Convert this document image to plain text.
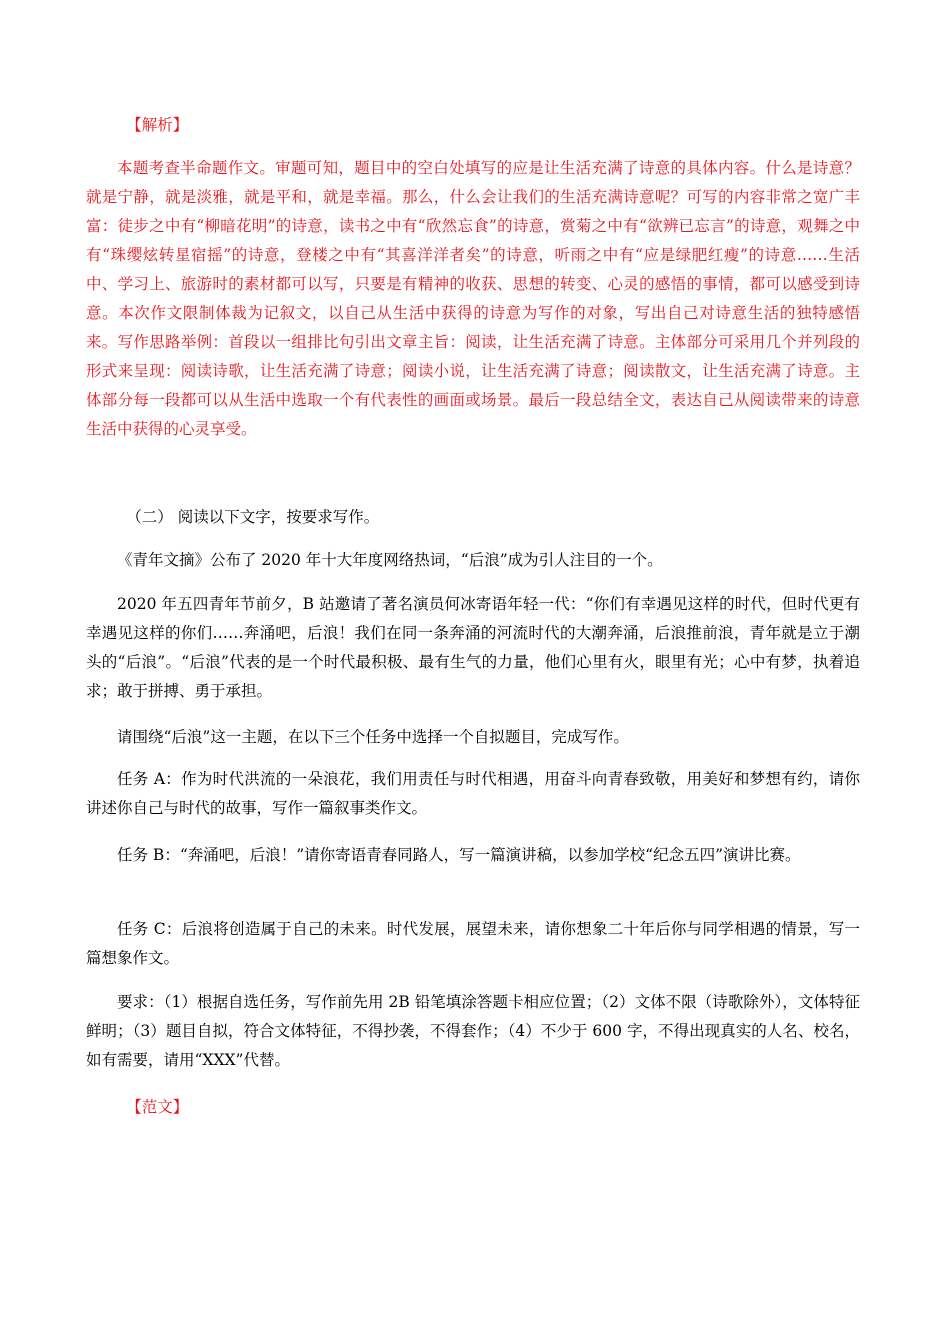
【解析】

本题考查半命题作文。审题可知，题目中的空白处填写的应是让生活充满了诗意的具体内容。什么是诗意？就是宁静，就是淡雅，就是平和，就是幸福。那么，什么会让我们的生活充满诗意呢？可写的内容非常之宽广丰富：徒步之中有“柳暗花明”的诗意，读书之中有“欣然忘食”的诗意，赏菊之中有“欲辨已忘言”的诗意，观舞之中有“珠缨炫转星宿摇”的诗意，登楼之中有“其喜洋洋者矣”的诗意，听雨之中有“应是绿肥红瘦”的诗意……生活中、学习上、旅游时的素材都可以写，只要是有精神的收获、思想的转变、心灵的感悟的事情，都可以感受到诗意。本次作文限制体裁为记叙文，以自己从生活中获得的诗意为写作的对象，写出自己对诗意生活的独特感悟来。写作思路举例：首段以一组排比句引出文章主旨：阅读，让生活充满了诗意。主体部分可采用几个并列段的形式来呈现：阅读诗歌，让生活充满了诗意；阅读小说，让生活充满了诗意；阅读散文，让生活充满了诗意。主体部分每一段都可以从生活中选取一个有代表性的画面或场景。最后一段总结全文，表达自己从阅读带来的诗意生活中获得的心灵享受。

（二） 阅读以下文字，按要求写作。

《青年文摘》公布了 2020 年十大年度网络热词，“后浪”成为引人注目的一个。

2020 年五四青年节前夕，B 站邀请了著名演员何冰寄语年轻一代：“你们有幸遇见这样的时代，但时代更有幸遇见这样的你们……奔涌吧，后浪！我们在同一条奔涌的河流时代的大潮奔涌，后浪推前浪，青年就是立于潮头的“后浪”。“后浪”代表的是一个时代最积极、最有生气的力量，他们心里有火，眼里有光；心中有梦，执着追求；敢于拼搏、勇于承担。

请围绕“后浪”这一主题，在以下三个任务中选择一个自拟题目，完成写作。

任务 A：作为时代洪流的一朵浪花，我们用责任与时代相遇，用奋斗向青春致敬，用美好和梦想有约，请你讲述你自己与时代的故事，写作一篇叙事类作文。

任务 B：“奔涌吧，后浪！”请你寄语青春同路人，写一篇演讲稿，以参加学校“纪念五四”演讲比赛。

任务 C：后浪将创造属于自己的未来。时代发展，展望未来，请你想象二十年后你与同学相遇的情景，写一篇想象作文。

要求：（1）根据自选任务，写作前先用 2B 铅笔填涂答题卡相应位置；（2）文体不限（诗歌除外），文体特征鲜明；（3）题目自拟，符合文体特征，不得抄袭，不得套作；（4）不少于 600 字，不得出现真实的人名、校名，如有需要，请用“XXX”代替。

【范文】
